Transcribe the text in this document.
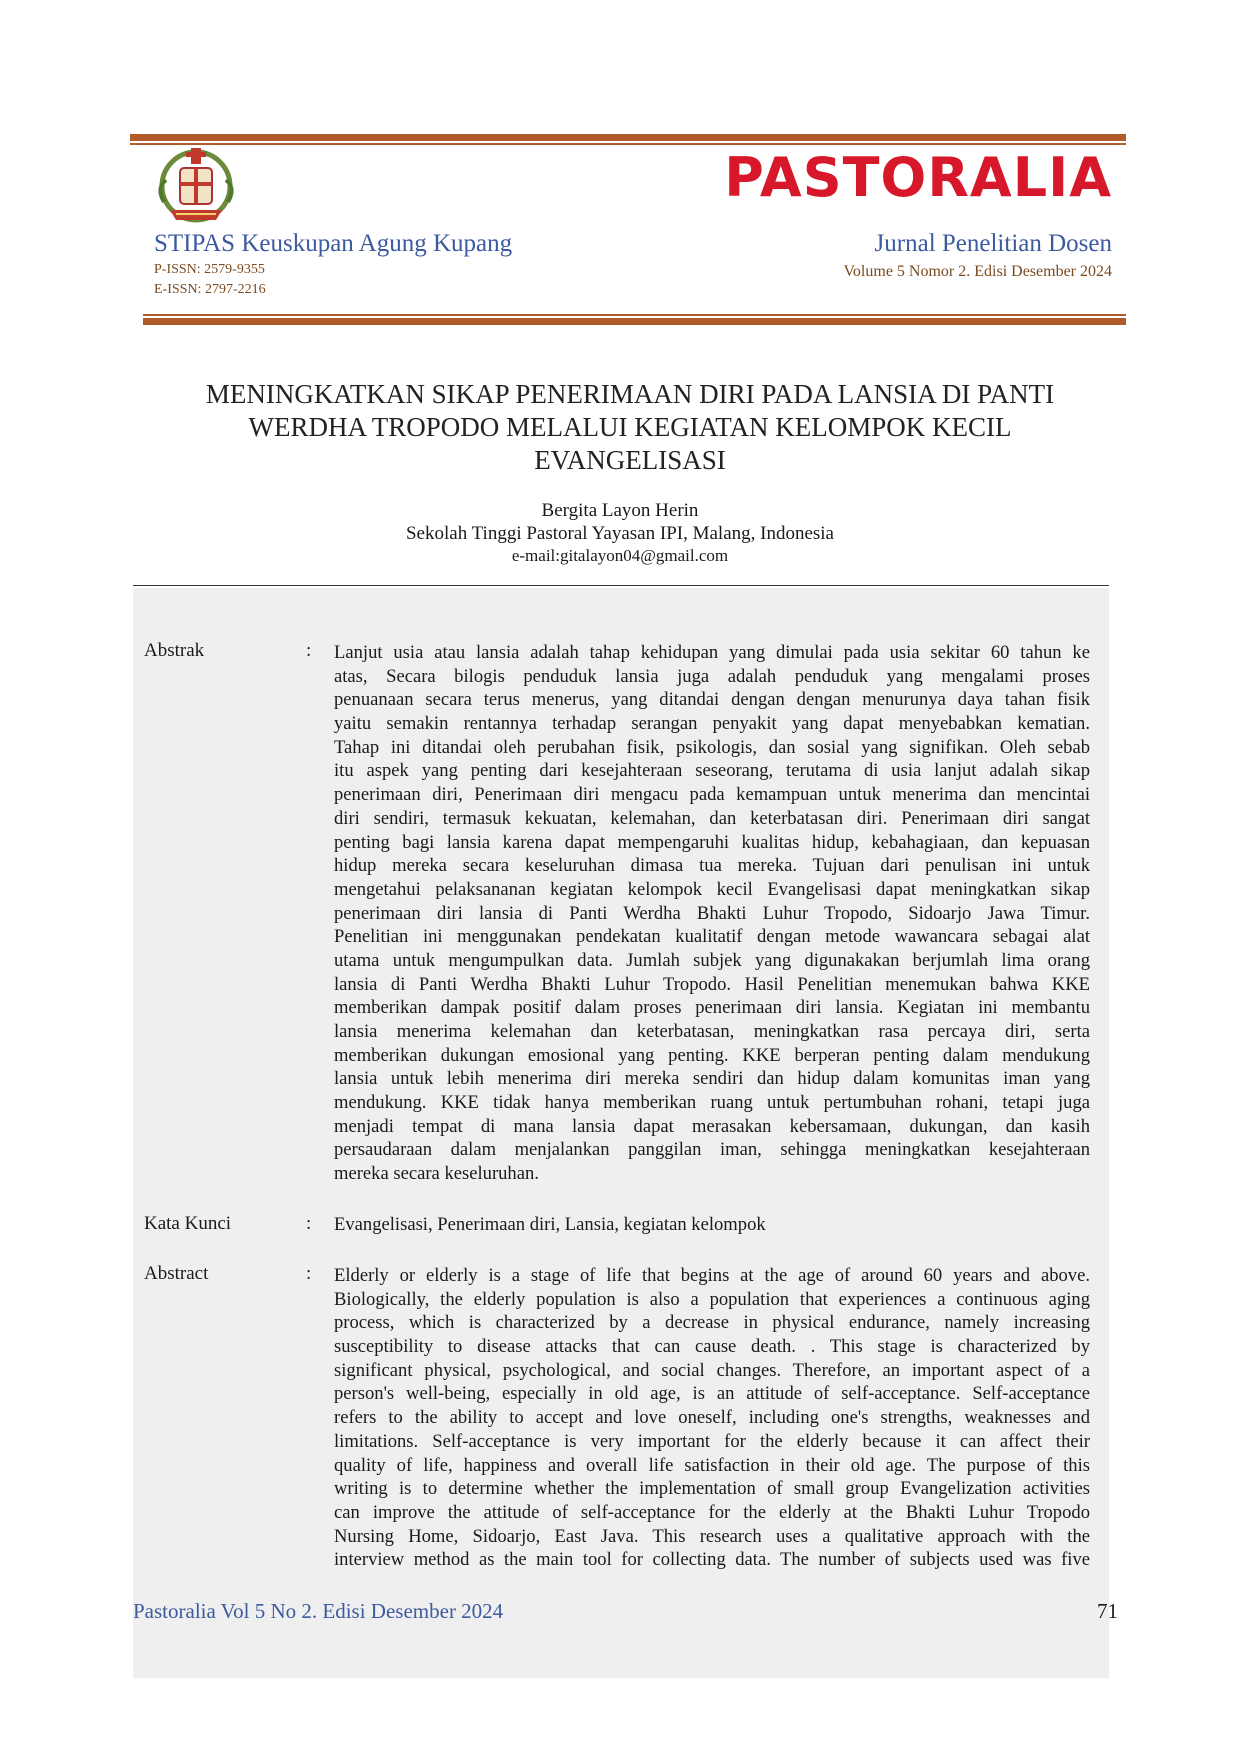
PASTORALIA
STIPAS Keuskupan Agung Kupang
P-ISSN: 2579-9355
E-ISSN: 2797-2216
Jurnal Penelitian Dosen
Volume 5 Nomor 2. Edisi Desember 2024
MENINGKATKAN SIKAP PENERIMAAN DIRI PADA LANSIA DI PANTI
WERDHA TROPODO MELALUI KEGIATAN KELOMPOK KECIL
EVANGELISASI
Bergita Layon Herin
Sekolah Tinggi Pastoral Yayasan IPI, Malang, Indonesia
e-mail:gitalayon04@gmail.com
Abstrak	: Lanjut usia atau lansia adalah tahap kehidupan yang dimulai pada usia sekitar 60 tahun ke
atas, Secara bilogis penduduk lansia juga adalah penduduk yang mengalami proses
penuanaan secara terus menerus, yang ditandai dengan dengan menurunya daya tahan fisik
yaitu semakin rentannya terhadap serangan penyakit yang dapat menyebabkan kematian.
Tahap ini ditandai oleh perubahan fisik, psikologis, dan sosial yang signifikan. Oleh sebab
itu aspek yang penting dari kesejahteraan seseorang, terutama di usia lanjut adalah sikap
penerimaan diri, Penerimaan diri mengacu pada kemampuan untuk menerima dan mencintai
diri sendiri, termasuk kekuatan, kelemahan, dan keterbatasan diri. Penerimaan diri sangat
penting bagi lansia karena dapat mempengaruhi kualitas hidup, kebahagiaan, dan kepuasan
hidup mereka secara keseluruhan dimasa tua mereka. Tujuan dari penulisan ini untuk
mengetahui pelaksananan kegiatan kelompok kecil Evangelisasi dapat meningkatkan sikap
penerimaan diri lansia di Panti Werdha Bhakti Luhur Tropodo, Sidoarjo Jawa Timur.
Penelitian ini menggunakan pendekatan kualitatif dengan metode wawancara sebagai alat
utama untuk mengumpulkan data. Jumlah subjek yang digunakakan berjumlah lima orang
lansia di Panti Werdha Bhakti Luhur Tropodo. Hasil Penelitian menemukan bahwa KKE
memberikan dampak positif dalam proses penerimaan diri lansia. Kegiatan ini membantu
lansia menerima kelemahan dan keterbatasan, meningkatkan rasa percaya diri, serta
memberikan dukungan emosional yang penting. KKE berperan penting dalam mendukung
lansia untuk lebih menerima diri mereka sendiri dan hidup dalam komunitas iman yang
mendukung. KKE tidak hanya memberikan ruang untuk pertumbuhan rohani, tetapi juga
menjadi tempat di mana lansia dapat merasakan kebersamaan, dukungan, dan kasih
persaudaraan dalam menjalankan panggilan iman, sehingga meningkatkan kesejahteraan
mereka secara keseluruhan.
Kata Kunci	: Evangelisasi, Penerimaan diri, Lansia, kegiatan kelompok
Abstract	: Elderly or elderly is a stage of life that begins at the age of around 60 years and above.
Biologically, the elderly population is also a population that experiences a continuous aging
process, which is characterized by a decrease in physical endurance, namely increasing
susceptibility to disease attacks that can cause death. . This stage is characterized by
significant physical, psychological, and social changes. Therefore, an important aspect of a
person's well-being, especially in old age, is an attitude of self-acceptance. Self-acceptance
refers to the ability to accept and love oneself, including one's strengths, weaknesses and
limitations. Self-acceptance is very important for the elderly because it can affect their
quality of life, happiness and overall life satisfaction in their old age. The purpose of this
writing is to determine whether the implementation of small group Evangelization activities
can improve the attitude of self-acceptance for the elderly at the Bhakti Luhur Tropodo
Nursing Home, Sidoarjo, East Java. This research uses a qualitative approach with the
interview method as the main tool for collecting data. The number of subjects used was five
Pastoralia Vol 5 No 2. Edisi Desember 2024	71
